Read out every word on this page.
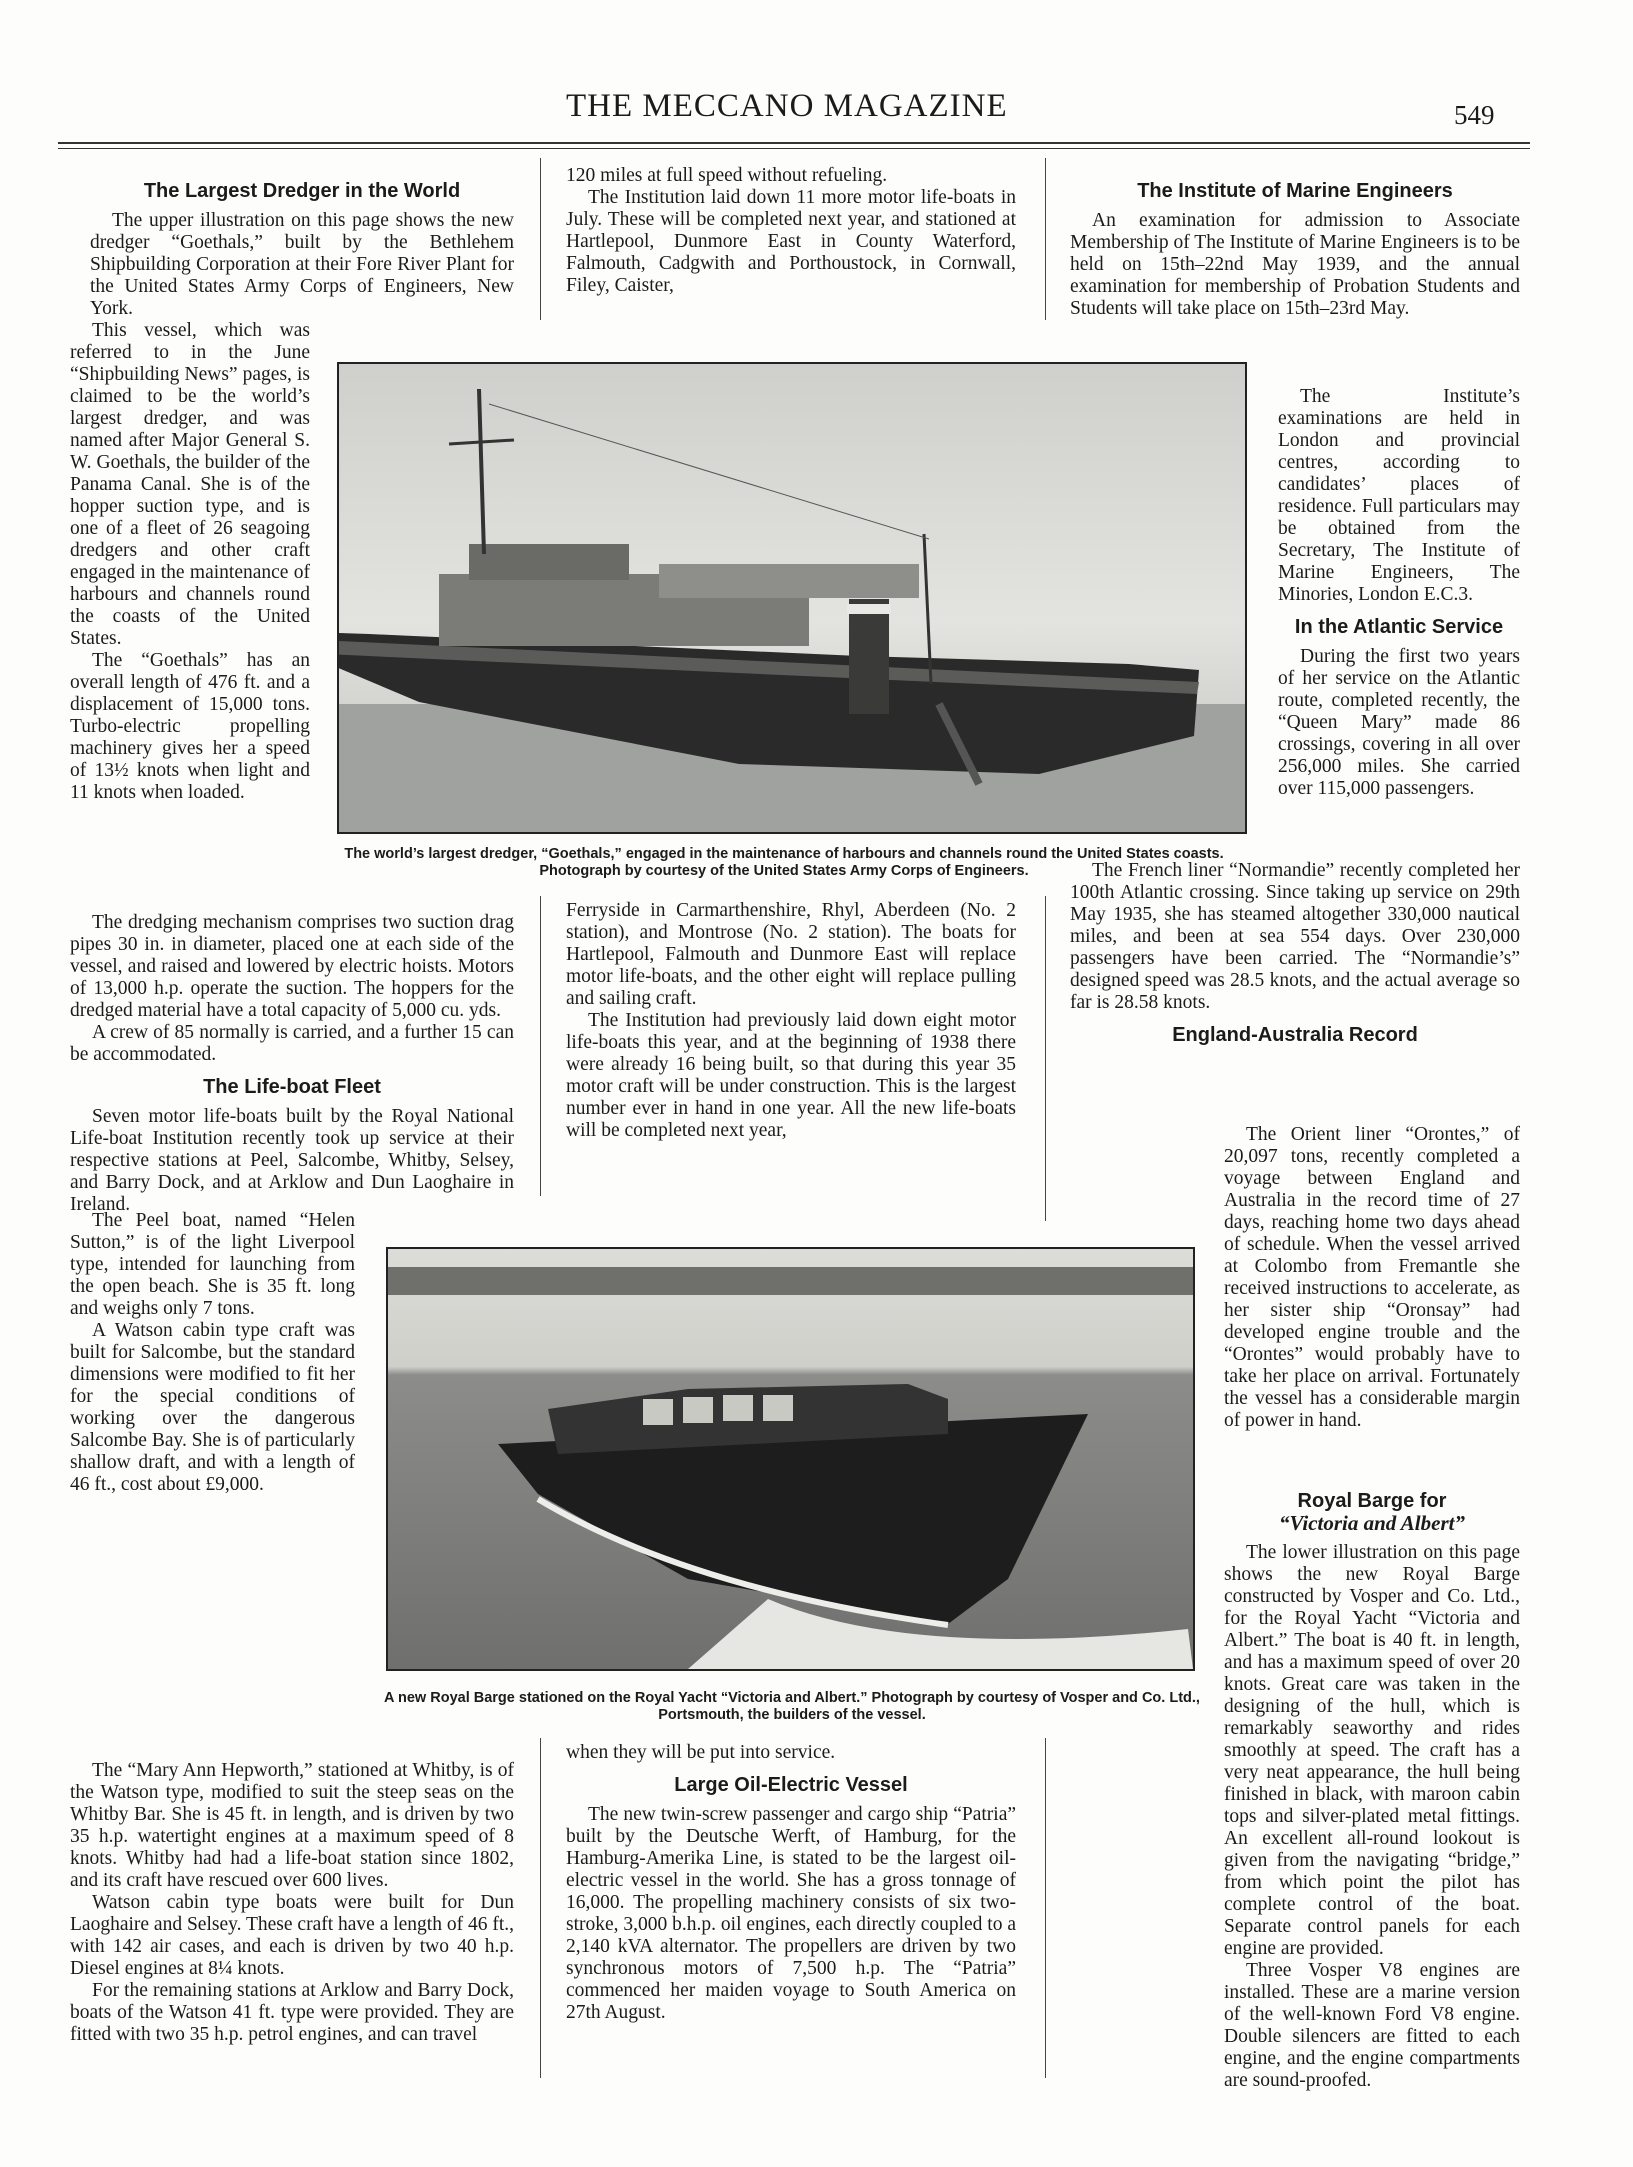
THE MECCANO MAGAZINE	549
The Largest Dredger in the World

The upper illustration on this page shows the new dredger “Goethals,” built by the Bethlehem Shipbuilding Corporation at their Fore River Plant for the United States Army Corps of Engineers, New York.

This vessel, which was referred to in the June “Shipbuilding News” pages, is claimed to be the world’s largest dredger, and was named after Major General S. W. Goethals, the builder of the Panama Canal. She is of the hopper suction type, and is one of a fleet of 26 seagoing dredgers and other craft engaged in the maintenance of harbours and channels round the coasts of the United States.

The “Goethals” has an overall length of 476 ft. and a displacement of 15,000 tons. Turbo-electric propelling machinery gives her a speed of 13½ knots when light and 11 knots when loaded.

The dredging mechanism comprises two suction drag pipes 30 in. in diameter, placed one at each side of the vessel, and raised and lowered by electric hoists. Motors of 13,000 h.p. operate the suction. The hoppers for the dredged material have a total capacity of 5,000 cu. yds.

A crew of 85 normally is carried, and a further 15 can be accommodated.

The Life-boat Fleet

Seven motor life-boats built by the Royal National Life-boat Institution recently took up service at their respective stations at Peel, Salcombe, Whitby, Selsey, and Barry Dock, and at Arklow and Dun Laoghaire in Ireland.

The Peel boat, named “Helen Sutton,” is of the light Liverpool type, intended for launching from the open beach. She is 35 ft. long and weighs only 7 tons.

A Watson cabin type craft was built for Salcombe, but the standard dimensions were modified to fit her for the special conditions of working over the dangerous Salcombe Bay. She is of particularly shallow draft, and with a length of 46 ft., cost about £9,000.

The “Mary Ann Hepworth,” stationed at Whitby, is of the Watson type, modified to suit the steep seas on the Whitby Bar. She is 45 ft. in length, and is driven by two 35 h.p. watertight engines at a maximum speed of 8 knots. Whitby had had a life-boat station since 1802, and its craft have rescued over 600 lives.

Watson cabin type boats were built for Dun Laoghaire and Selsey. These craft have a length of 46 ft., with 142 air cases, and each is driven by two 40 h.p. Diesel engines at 8¼ knots.

For the remaining stations at Arklow and Barry Dock, boats of the Watson 41 ft. type were provided. They are fitted with two 35 h.p. petrol engines, and can travel

120 miles at full speed without refueling.

The Institution laid down 11 more motor life-boats in July. These will be completed next year, and stationed at Hartlepool, Dunmore East in County Waterford, Falmouth, Cadgwith and Porthoustock, in Cornwall, Filey, Caister,

Ferryside in Carmarthenshire, Rhyl, Aberdeen (No. 2 station), and Montrose (No. 2 station). The boats for Hartlepool, Falmouth and Dunmore East will replace motor life-boats, and the other eight will replace pulling and sailing craft.

The Institution had previously laid down eight motor life-boats this year, and at the beginning of 1938 there were already 16 being built, so that during this year 35 motor craft will be under construction. This is the largest number ever in hand in one year. All the new life-boats will be completed next year,

when they will be put into service.

Large Oil-Electric Vessel

The new twin-screw passenger and cargo ship “Patria” built by the Deutsche Werft, of Hamburg, for the Hamburg-Amerika Line, is stated to be the largest oil-electric vessel in the world. She has a gross tonnage of 16,000. The propelling machinery consists of six two-stroke, 3,000 b.h.p. oil engines, each directly coupled to a 2,140 kVA alternator. The propellers are driven by two synchronous motors of 7,500 h.p. The “Patria” commenced her maiden voyage to South America on 27th August.

The Institute of Marine Engineers

An examination for admission to Associate Membership of The Institute of Marine Engineers is to be held on 15th–22nd May 1939, and the annual examination for membership of Probation Students and Students will take place on 15th–23rd May.

The Institute’s examinations are held in London and provincial centres, according to candidates’ places of residence. Full particulars may be obtained from the Secretary, The Institute of Marine Engineers, The Minories, London E.C.3.

In the Atlantic Service

During the first two years of her service on the Atlantic route, completed recently, the “Queen Mary” made 86 crossings, covering in all over 256,000 miles. She carried over 115,000 passengers.

The French liner “Normandie” recently completed her 100th Atlantic crossing. Since taking up service on 29th May 1935, she has steamed altogether 330,000 nautical miles, and been at sea 554 days. Over 230,000 passengers have been carried. The “Normandie’s” designed speed was 28.5 knots, and the actual average so far is 28.58 knots.

England-Australia Record

The Orient liner “Orontes,” of 20,097 tons, recently completed a voyage between England and Australia in the record time of 27 days, reaching home two days ahead of schedule. When the vessel arrived at Colombo from Fremantle she received instructions to accelerate, as her sister ship “Oronsay” had developed engine trouble and the “Orontes” would probably have to take her place on arrival. Fortunately the vessel has a considerable margin of power in hand.

Royal Barge for
“Victoria and Albert”

The lower illustration on this page shows the new Royal Barge constructed by Vosper and Co. Ltd., for the Royal Yacht “Victoria and Albert.” The boat is 40 ft. in length, and has a maximum speed of over 20 knots. Great care was taken in the designing of the hull, which is remarkably seaworthy and rides smoothly at speed. The craft has a very neat appearance, the hull being finished in black, with maroon cabin tops and silver-plated metal fittings. An excellent all-round lookout is given from the navigating “bridge,” from which point the pilot has complete control of the boat. Separate control panels for each engine are provided.

Three Vosper V8 engines are installed. These are a marine version of the well-known Ford V8 engine. Double silencers are fitted to each engine, and the engine compartments are sound-proofed.

The world’s largest dredger, “Goethals,” engaged in the maintenance of harbours and channels round the United States coasts. Photograph by courtesy of the United States Army Corps of Engineers.
A new Royal Barge stationed on the Royal Yacht “Victoria and Albert.” Photograph by courtesy of Vosper and Co. Ltd., Portsmouth, the builders of the vessel.
